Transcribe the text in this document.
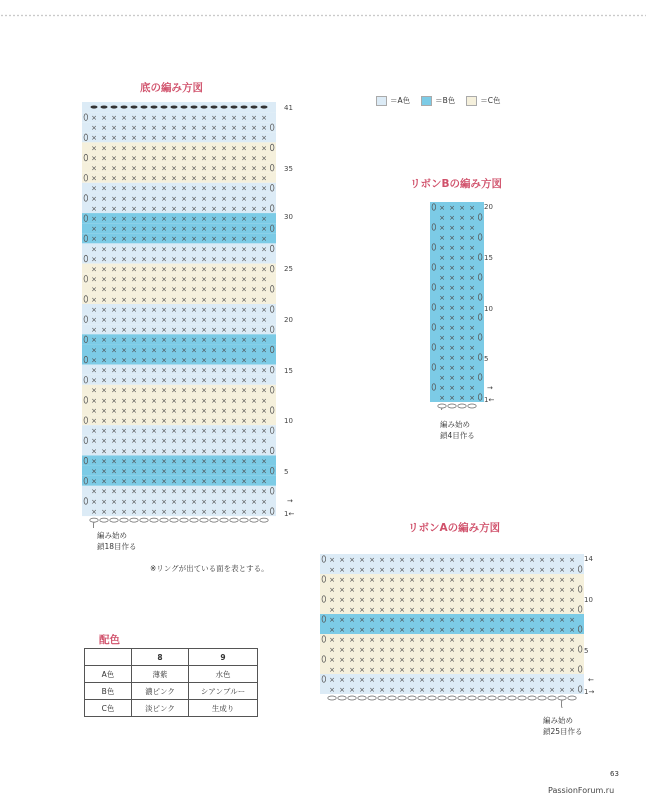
＝A色	＝B色	＝C色
底の編み方図
× × × × × × × × × × × × × × × × × ×
× × × × × × × × × × × × × × × × × ×
× × × × × × × × × × × × × × × × × ×
× × × × × × × × × × × × × × × × × ×
× × × × × × × × × × × × × × × × × ×
× × × × × × × × × × × × × × × × × ×
× × × × × × × × × × × × × × × × × ×
× × × × × × × × × × × × × × × × × ×
× × × × × × × × × × × × × × × × × ×
× × × × × × × × × × × × × × × × × ×
× × × × × × × × × × × × × × × × × ×
× × × × × × × × × × × × × × × × × ×
× × × × × × × × × × × × × × × × × ×
× × × × × × × × × × × × × × × × × ×
× × × × × × × × × × × × × × × × × ×
× × × × × × × × × × × × × × × × × ×
× × × × × × × × × × × × × × × × × ×
× × × × × × × × × × × × × × × × × ×
× × × × × × × × × × × × × × × × × ×
× × × × × × × × × × × × × × × × × ×
× × × × × × × × × × × × × × × × × ×
× × × × × × × × × × × × × × × × × ×
× × × × × × × × × × × × × × × × × ×
× × × × × × × × × × × × × × × × × ×
× × × × × × × × × × × × × × × × × ×
× × × × × × × × × × × × × × × × × ×
× × × × × × × × × × × × × × × × × ×
× × × × × × × × × × × × × × × × × ×
× × × × × × × × × × × × × × × × × ×
× × × × × × × × × × × × × × × × × ×
× × × × × × × × × × × × × × × × × ×
× × × × × × × × × × × × × × × × × ×
× × × × × × × × × × × × × × × × × ×
× × × × × × × × × × × × × × × × × ×
× × × × × × × × × × × × × × × × × ×
× × × × × × × × × × × × × × × × × ×
× × × × × × × × × × × × × × × × × ×
× × × × × × × × × × × × × × × × × ×
× × × × × × × × × × × × × × × × × ×
× × × × × × × × × × × × × × × × × ×
41
35
30
25
20
15
10
5
→
1←
編み始め
鎖18目作る
※リングが出ている面を表とする。
リボンBの編み方図
× × × ×
× × × ×
× × × ×
× × × ×
× × × ×
× × × ×
× × × ×
× × × ×
× × × ×
× × × ×
× × × ×
× × × ×
× × × ×
× × × ×
× × × ×
× × × ×
× × × ×
× × × ×
× × × ×
× × × ×
20
15
10
5
→
1←
編み始め
鎖4目作る
リボンAの編み方図
× × × × × × × × × × × × × × × × × × × × × × × × ×
× × × × × × × × × × × × × × × × × × × × × × × × ×
× × × × × × × × × × × × × × × × × × × × × × × × ×
× × × × × × × × × × × × × × × × × × × × × × × × ×
× × × × × × × × × × × × × × × × × × × × × × × × ×
× × × × × × × × × × × × × × × × × × × × × × × × ×
× × × × × × × × × × × × × × × × × × × × × × × × ×
× × × × × × × × × × × × × × × × × × × × × × × × ×
× × × × × × × × × × × × × × × × × × × × × × × × ×
× × × × × × × × × × × × × × × × × × × × × × × × ×
× × × × × × × × × × × × × × × × × × × × × × × × ×
× × × × × × × × × × × × × × × × × × × × × × × × ×
× × × × × × × × × × × × × × × × × × × × × × × × ×
× × × × × × × × × × × × × × × × × × × × × × × × ×
14
10
5
←
1→
編み始め
鎖25目作る
配色
	8	9
A色	薄紫	水色
B色	濃ピンク	シアンブルー
C色	淡ピンク	生成り
63
PassionForum.ru
